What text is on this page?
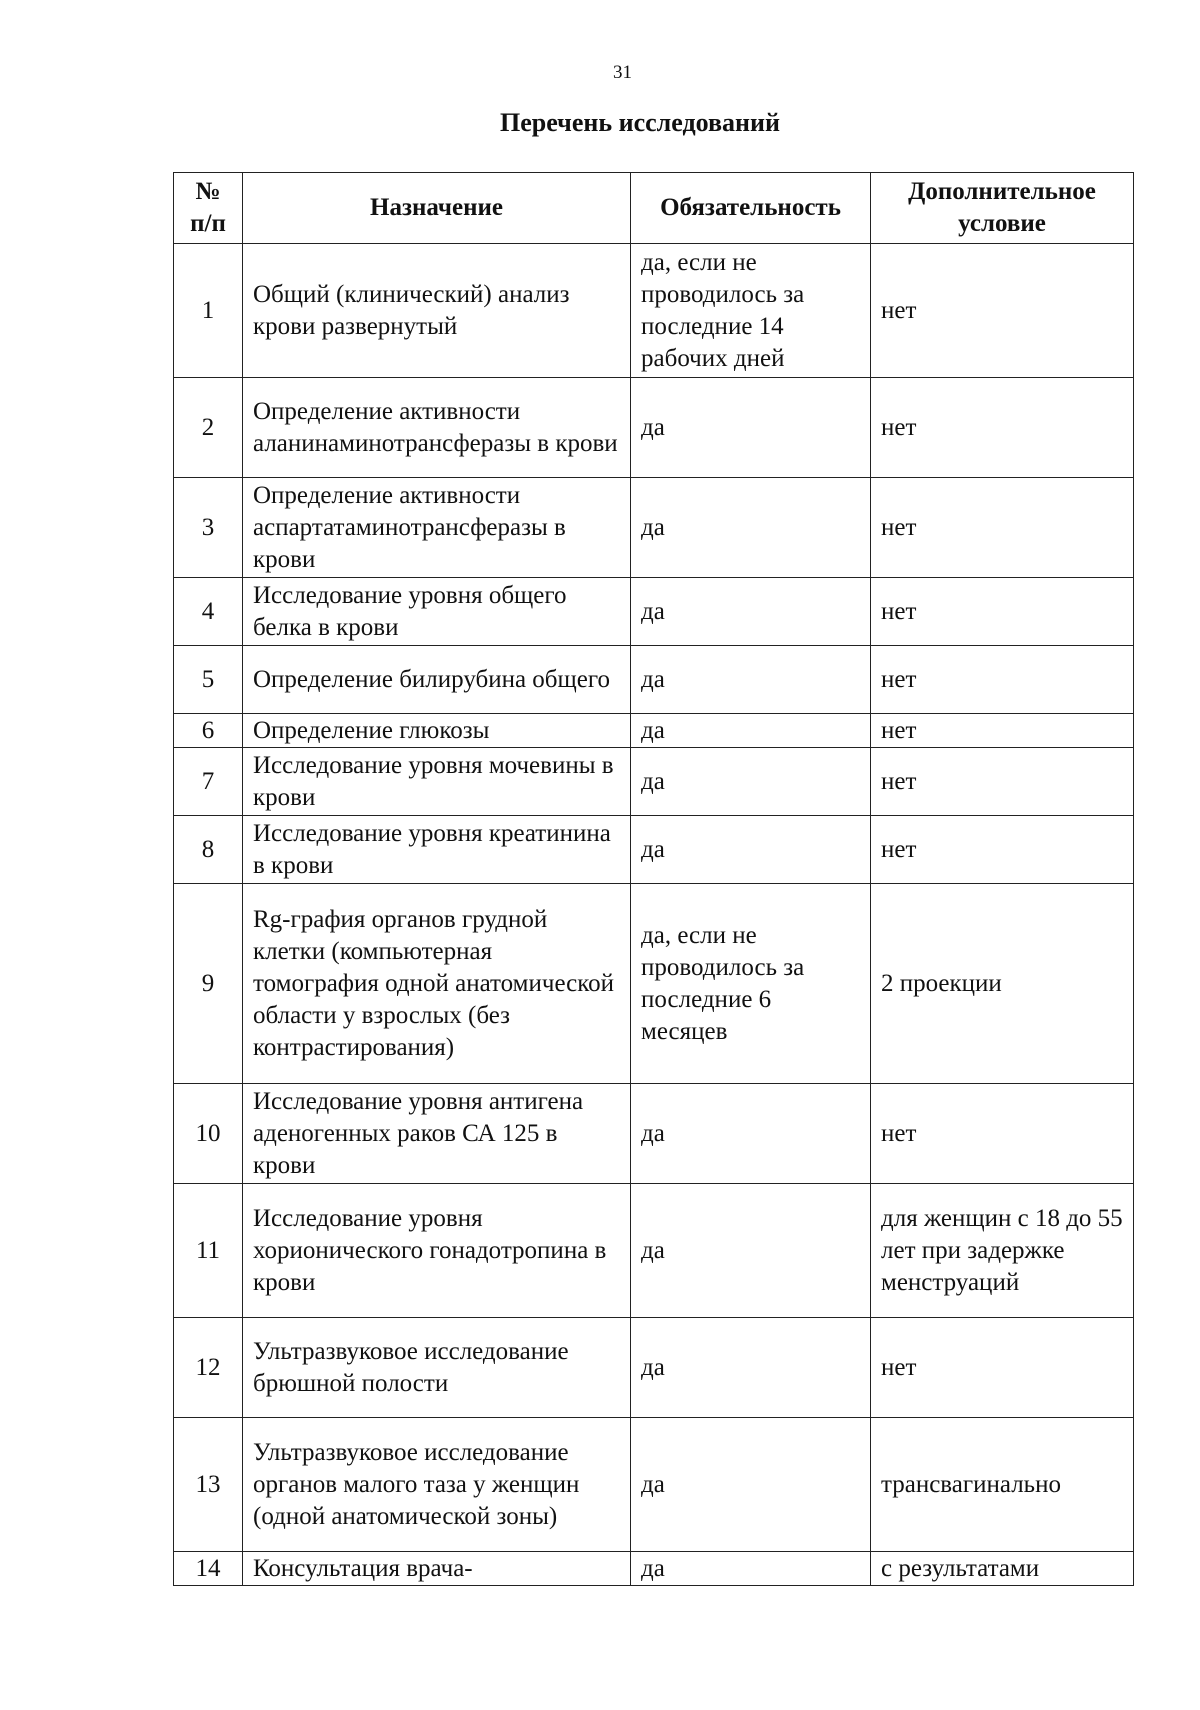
31
Перечень исследований
№ п/п	Назначение	Обязательность	Дополнительное условие
1	Общий (клинический) анализ крови развернутый	да, если не проводилось за последние 14 рабочих дней	нет
2	Определение активности аланинаминотрансферазы в крови	да	нет
3	Определение активности аспартатаминотрансферазы в крови	да	нет
4	Исследование уровня общего белка в крови	да	нет
5	Определение билирубина общего	да	нет
6	Определение глюкозы	да	нет
7	Исследование уровня мочевины в крови	да	нет
8	Исследование уровня креатинина в крови	да	нет
9	Rg-графия органов грудной клетки (компьютерная томография одной анатомической области у взрослых (без контрастирования)	да, если не проводилось за последние 6 месяцев	2 проекции
10	Исследование уровня антигена аденогенных раков СА 125 в крови	да	нет
11	Исследование уровня хорионического гонадотропина в крови	да	для женщин с 18 до 55 лет при задержке менструаций
12	Ультразвуковое исследование брюшной полости	да	нет
13	Ультразвуковое исследование органов малого таза у женщин (одной анатомической зоны)	да	трансвагинально
14	Консультация врача-	да	с результатами
